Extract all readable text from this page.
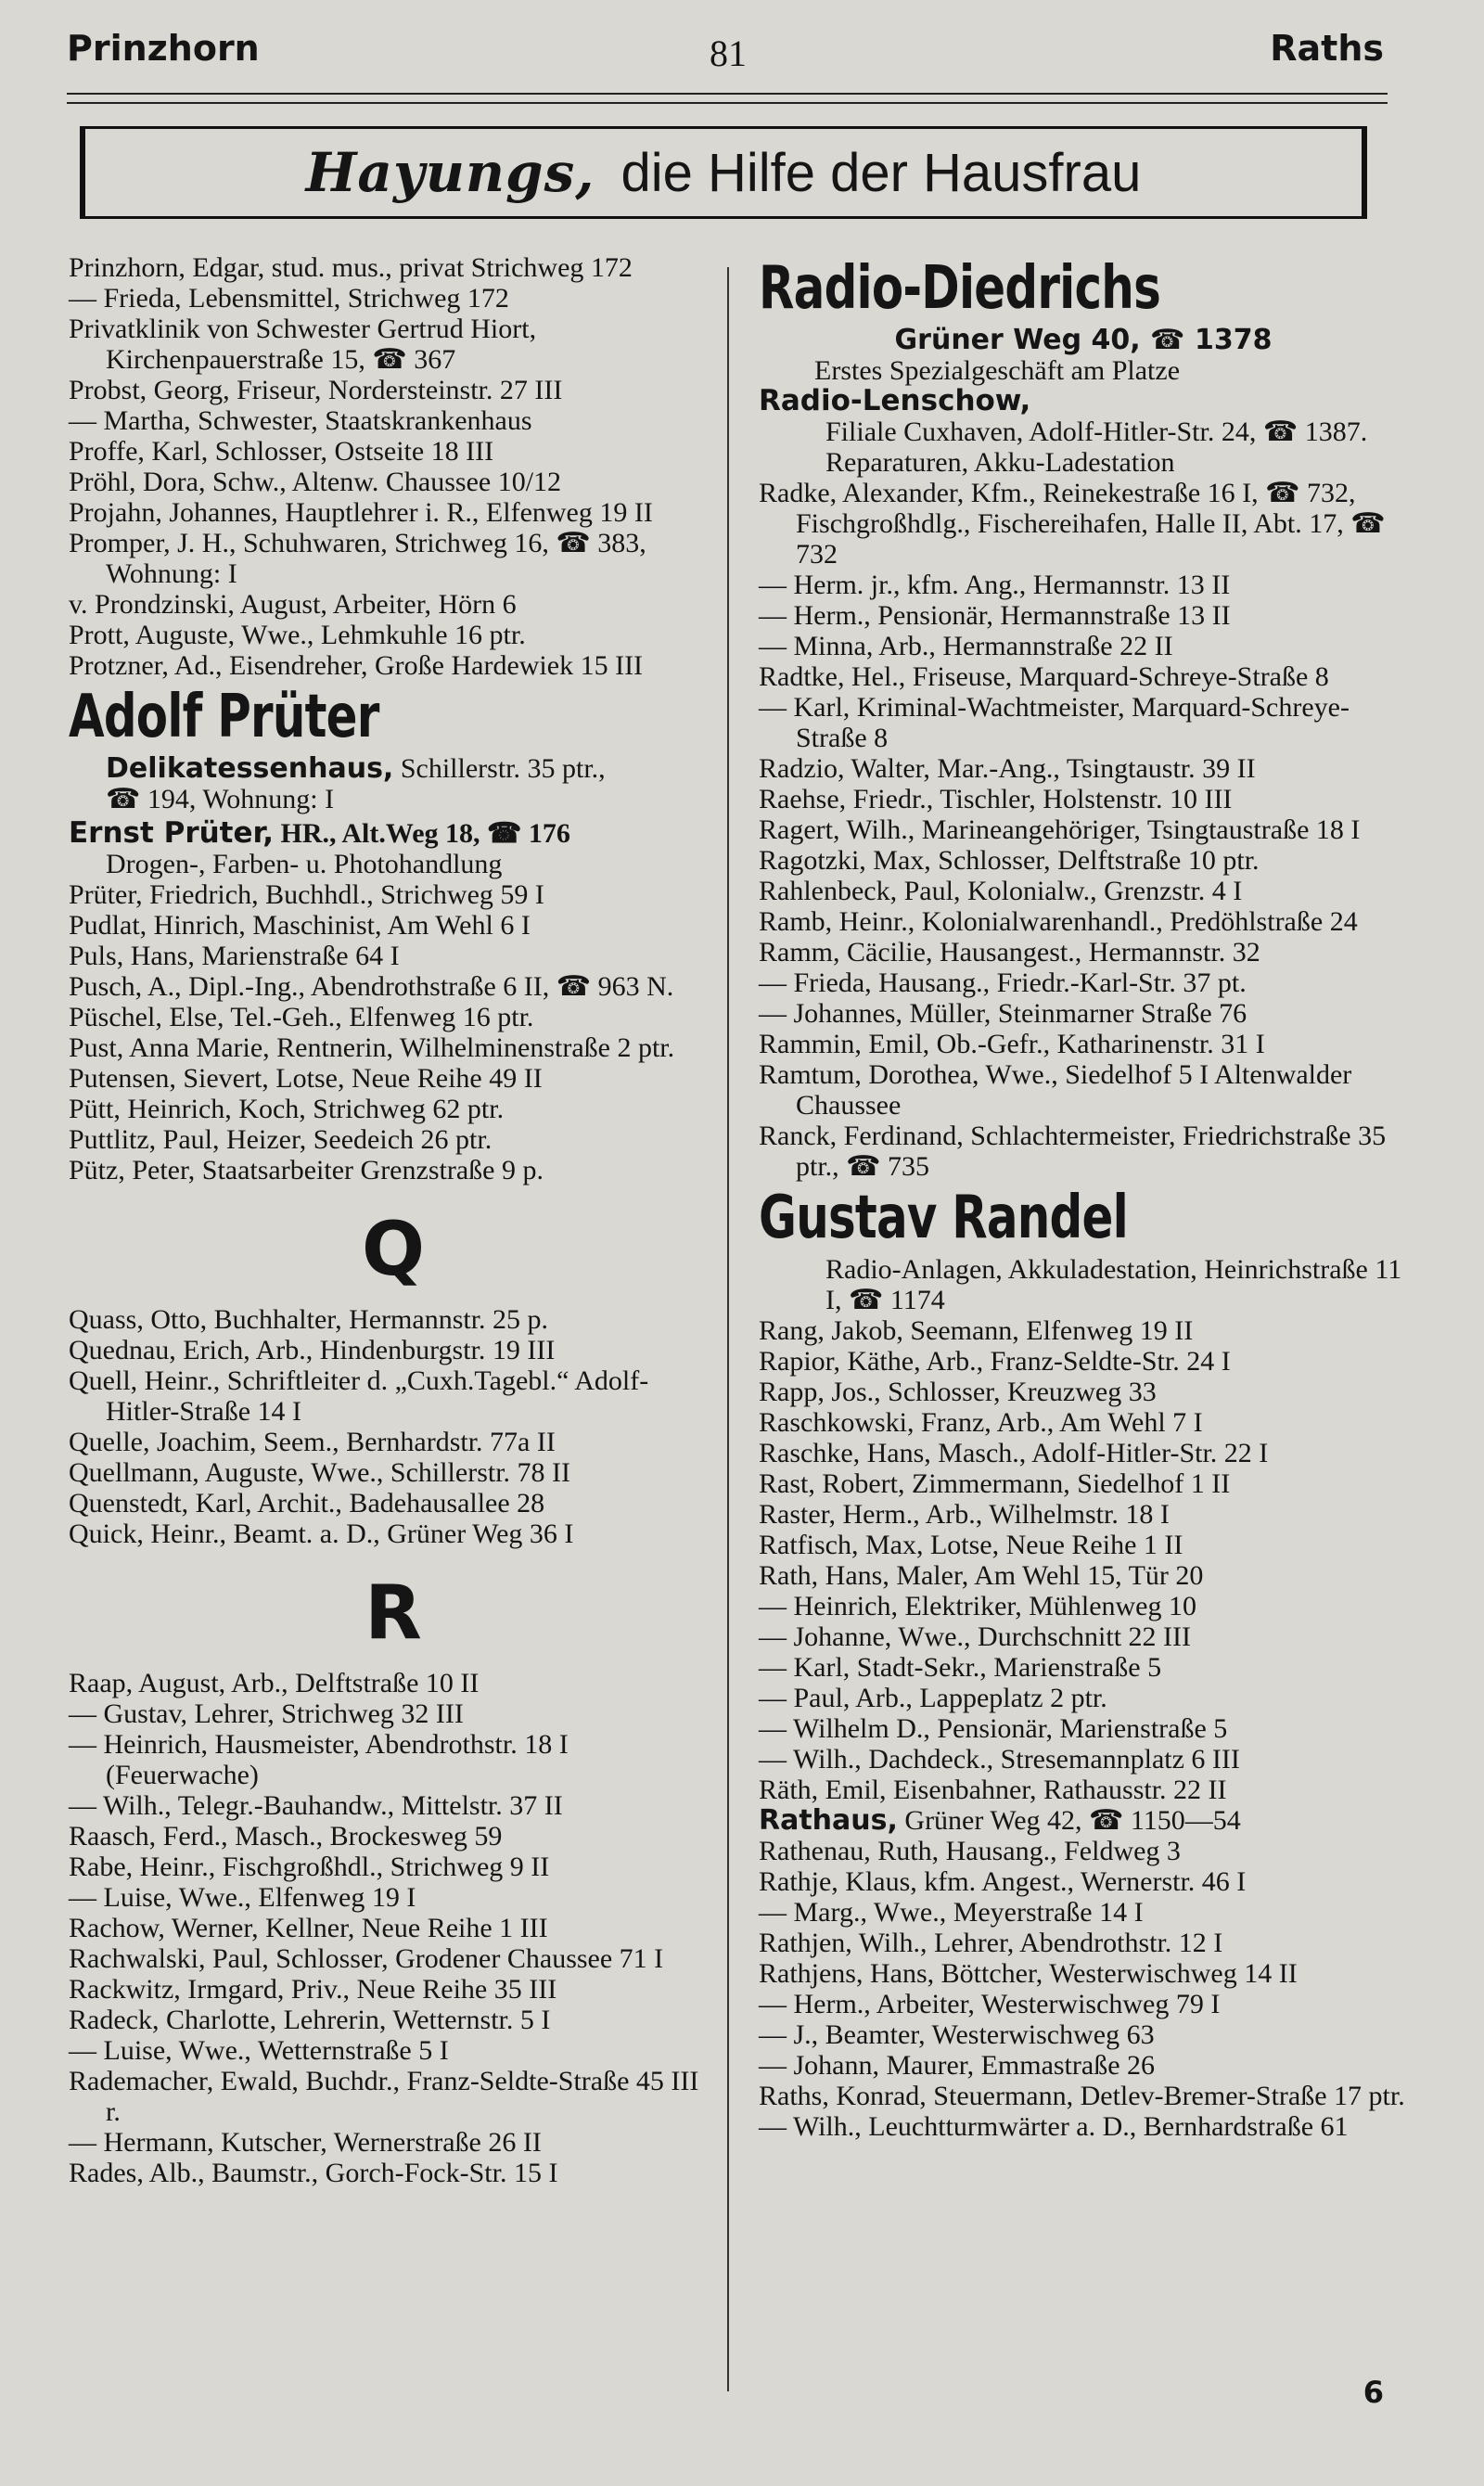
Prinzhorn	81	Raths
Hayungs, die Hilfe der Hausfrau

Prinzhorn, Edgar, stud. mus., privat Strichweg 172

— Frieda, Lebensmittel, Strichweg 172

Privatklinik von Schwester Gertrud Hiort, Kirchenpauerstraße 15, ☎ 367

Probst, Georg, Friseur, Nordersteinstr. 27 III

— Martha, Schwester, Staatskrankenhaus

Proffe, Karl, Schlosser, Ostseite 18 III

Pröhl, Dora, Schw., Altenw. Chaussee 10/12

Projahn, Johannes, Hauptlehrer i. R., Elfenweg 19 II

Promper, J. H., Schuhwaren, Strichweg 16, ☎ 383, Wohnung: I

v. Prondzinski, August, Arbeiter, Hörn 6

Prott, Auguste, Wwe., Lehmkuhle 16 ptr.

Protzner, Ad., Eisendreher, Große Hardewiek 15 III

Adolf Prüter
Delikatessenhaus, Schillerstr. 35 ptr.,
☎ 194, Wohnung: I

Ernst Prüter, HR., Alt.Weg 18, ☎ 176

Drogen-, Farben- u. Photohandlung

Prüter, Friedrich, Buchhdl., Strichweg 59 I

Pudlat, Hinrich, Maschinist, Am Wehl 6 I

Puls, Hans, Marienstraße 64 I

Pusch, A., Dipl.-Ing., Abendrothstraße 6 II, ☎ 963 N.

Püschel, Else, Tel.-Geh., Elfenweg 16 ptr.

Pust, Anna Marie, Rentnerin, Wilhelminenstraße 2 ptr.

Putensen, Sievert, Lotse, Neue Reihe 49 II

Pütt, Heinrich, Koch, Strichweg 62 ptr.

Puttlitz, Paul, Heizer, Seedeich 26 ptr.

Pütz, Peter, Staatsarbeiter Grenzstraße 9 p.

Q

Quass, Otto, Buchhalter, Hermannstr. 25 p.

Quednau, Erich, Arb., Hindenburgstr. 19 III

Quell, Heinr., Schriftleiter d. „Cuxh.Tagebl.“ Adolf-Hitler-Straße 14 I

Quelle, Joachim, Seem., Bernhardstr. 77a II

Quellmann, Auguste, Wwe., Schillerstr. 78 II

Quenstedt, Karl, Archit., Badehausallee 28

Quick, Heinr., Beamt. a. D., Grüner Weg 36 I

R

Raap, August, Arb., Delftstraße 10 II

— Gustav, Lehrer, Strichweg 32 III

— Heinrich, Hausmeister, Abendrothstr. 18 I (Feuerwache)

— Wilh., Telegr.-Bauhandw., Mittelstr. 37 II

Raasch, Ferd., Masch., Brockesweg 59

Rabe, Heinr., Fischgroßhdl., Strichweg 9 II

— Luise, Wwe., Elfenweg 19 I

Rachow, Werner, Kellner, Neue Reihe 1 III

Rachwalski, Paul, Schlosser, Grodener Chaussee 71 I

Rackwitz, Irmgard, Priv., Neue Reihe 35 III

Radeck, Charlotte, Lehrerin, Wetternstr. 5 I

— Luise, Wwe., Wetternstraße 5 I

Rademacher, Ewald, Buchdr., Franz-Seldte-Straße 45 III r.

— Hermann, Kutscher, Wernerstraße 26 II

Rades, Alb., Baumstr., Gorch-Fock-Str. 15 I

Radio-Diedrichs
Grüner Weg 40, ☎ 1378
Erstes Spezialgeschäft am Platze
Radio-Lenschow,
Filiale Cuxhaven, Adolf-Hitler-Str. 24, ☎ 1387. Reparaturen, Akku-Ladestation

Radke, Alexander, Kfm., Reinekestraße 16 I, ☎ 732, Fischgroßhdlg., Fischereihafen, Halle II, Abt. 17, ☎ 732

— Herm. jr., kfm. Ang., Hermannstr. 13 II

— Herm., Pensionär, Hermannstraße 13 II

— Minna, Arb., Hermannstraße 22 II

Radtke, Hel., Friseuse, Marquard-Schreye-Straße 8

— Karl, Kriminal-Wachtmeister, Marquard-Schreye-Straße 8

Radzio, Walter, Mar.-Ang., Tsingtaustr. 39 II

Raehse, Friedr., Tischler, Holstenstr. 10 III

Ragert, Wilh., Marineangehöriger, Tsingtaustraße 18 I

Ragotzki, Max, Schlosser, Delftstraße 10 ptr.

Rahlenbeck, Paul, Kolonialw., Grenzstr. 4 I

Ramb, Heinr., Kolonialwarenhandl., Predöhlstraße 24

Ramm, Cäcilie, Hausangest., Hermannstr. 32

— Frieda, Hausang., Friedr.-Karl-Str. 37 pt.

— Johannes, Müller, Steinmarner Straße 76

Rammin, Emil, Ob.-Gefr., Katharinenstr. 31 I

Ramtum, Dorothea, Wwe., Siedelhof 5 I Altenwalder Chaussee

Ranck, Ferdinand, Schlachtermeister, Friedrichstraße 35 ptr., ☎ 735

Gustav Randel
Radio-Anlagen, Akkuladestation, Heinrichstraße 11 I, ☎ 1174

Rang, Jakob, Seemann, Elfenweg 19 II

Rapior, Käthe, Arb., Franz-Seldte-Str. 24 I

Rapp, Jos., Schlosser, Kreuzweg 33

Raschkowski, Franz, Arb., Am Wehl 7 I

Raschke, Hans, Masch., Adolf-Hitler-Str. 22 I

Rast, Robert, Zimmermann, Siedelhof 1 II

Raster, Herm., Arb., Wilhelmstr. 18 I

Ratfisch, Max, Lotse, Neue Reihe 1 II

Rath, Hans, Maler, Am Wehl 15, Tür 20

— Heinrich, Elektriker, Mühlenweg 10

— Johanne, Wwe., Durchschnitt 22 III

— Karl, Stadt-Sekr., Marienstraße 5

— Paul, Arb., Lappeplatz 2 ptr.

— Wilhelm D., Pensionär, Marienstraße 5

— Wilh., Dachdeck., Stresemannplatz 6 III

Räth, Emil, Eisenbahner, Rathausstr. 22 II

Rathaus, Grüner Weg 42, ☎ 1150—54

Rathenau, Ruth, Hausang., Feldweg 3

Rathje, Klaus, kfm. Angest., Wernerstr. 46 I

— Marg., Wwe., Meyerstraße 14 I

Rathjen, Wilh., Lehrer, Abendrothstr. 12 I

Rathjens, Hans, Böttcher, Westerwischweg 14 II

— Herm., Arbeiter, Westerwischweg 79 I

— J., Beamter, Westerwischweg 63

— Johann, Maurer, Emmastraße 26

Raths, Konrad, Steuermann, Detlev-Bremer-Straße 17 ptr.

— Wilh., Leuchtturmwärter a. D., Bernhardstraße 61

6
